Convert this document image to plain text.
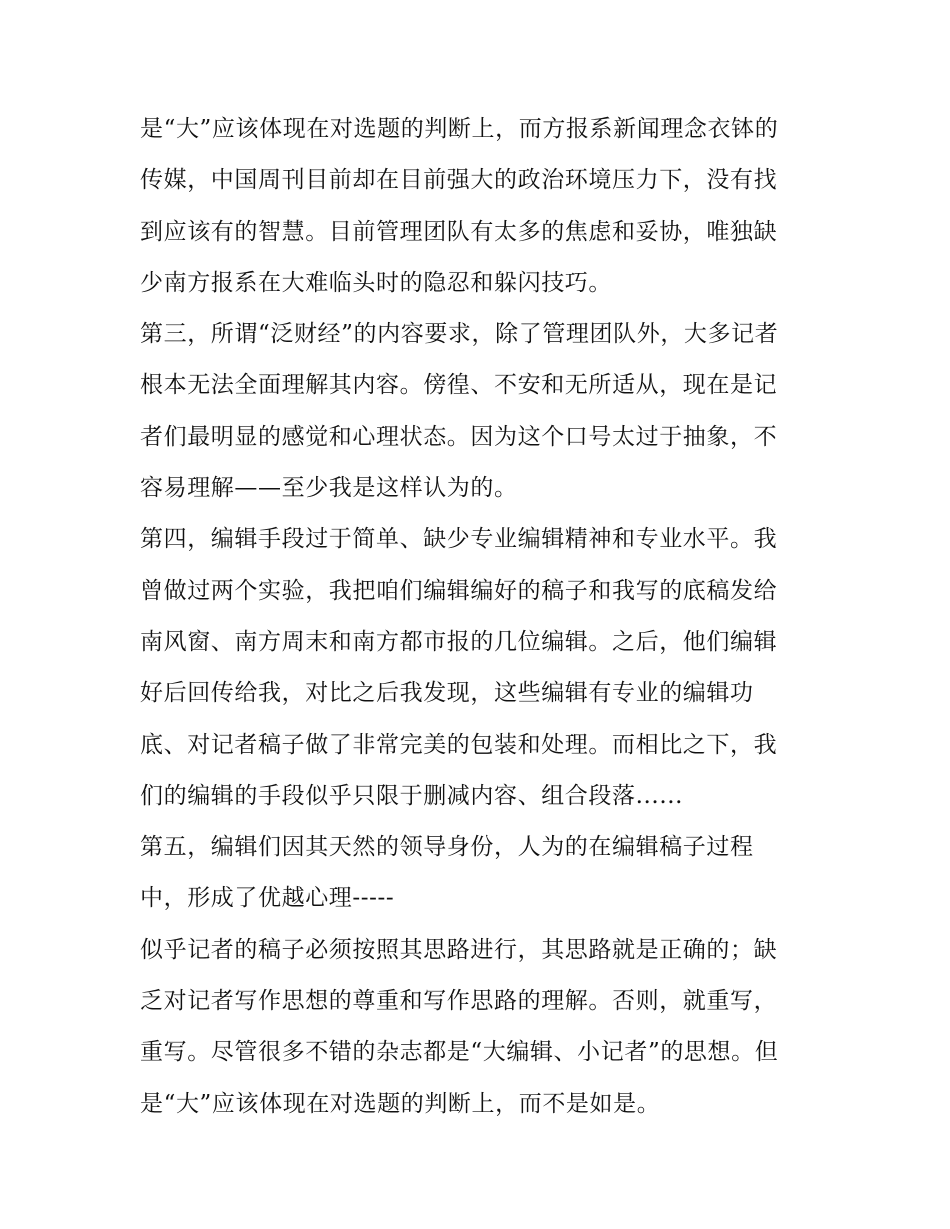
是“大”应该体现在对选题的判断上，而方报系新闻理念衣钵的
传媒，中国周刊目前却在目前强大的政治环境压力下，没有找
到应该有的智慧。目前管理团队有太多的焦虑和妥协，唯独缺
少南方报系在大难临头时的隐忍和躲闪技巧。
第三，所谓“泛财经”的内容要求，除了管理团队外，大多记者
根本无法全面理解其内容。傍徨、不安和无所适从，现在是记
者们最明显的感觉和心理状态。因为这个口号太过于抽象，不
容易理解——至少我是这样认为的。
第四，编辑手段过于简单、缺少专业编辑精神和专业水平。我
曾做过两个实验，我把咱们编辑编好的稿子和我写的底稿发给
南风窗、南方周末和南方都市报的几位编辑。之后，他们编辑
好后回传给我，对比之后我发现，这些编辑有专业的编辑功
底、对记者稿子做了非常完美的包装和处理。而相比之下，我
们的编辑的手段似乎只限于删减内容、组合段落......
第五，编辑们因其天然的领导身份，人为的在编辑稿子过程
中，形成了优越心理-----
似乎记者的稿子必须按照其思路进行，其思路就是正确的；缺
乏对记者写作思想的尊重和写作思路的理解。否则，就重写，
重写。尽管很多不错的杂志都是“大编辑、小记者”的思想。但
是“大”应该体现在对选题的判断上，而不是如是。
